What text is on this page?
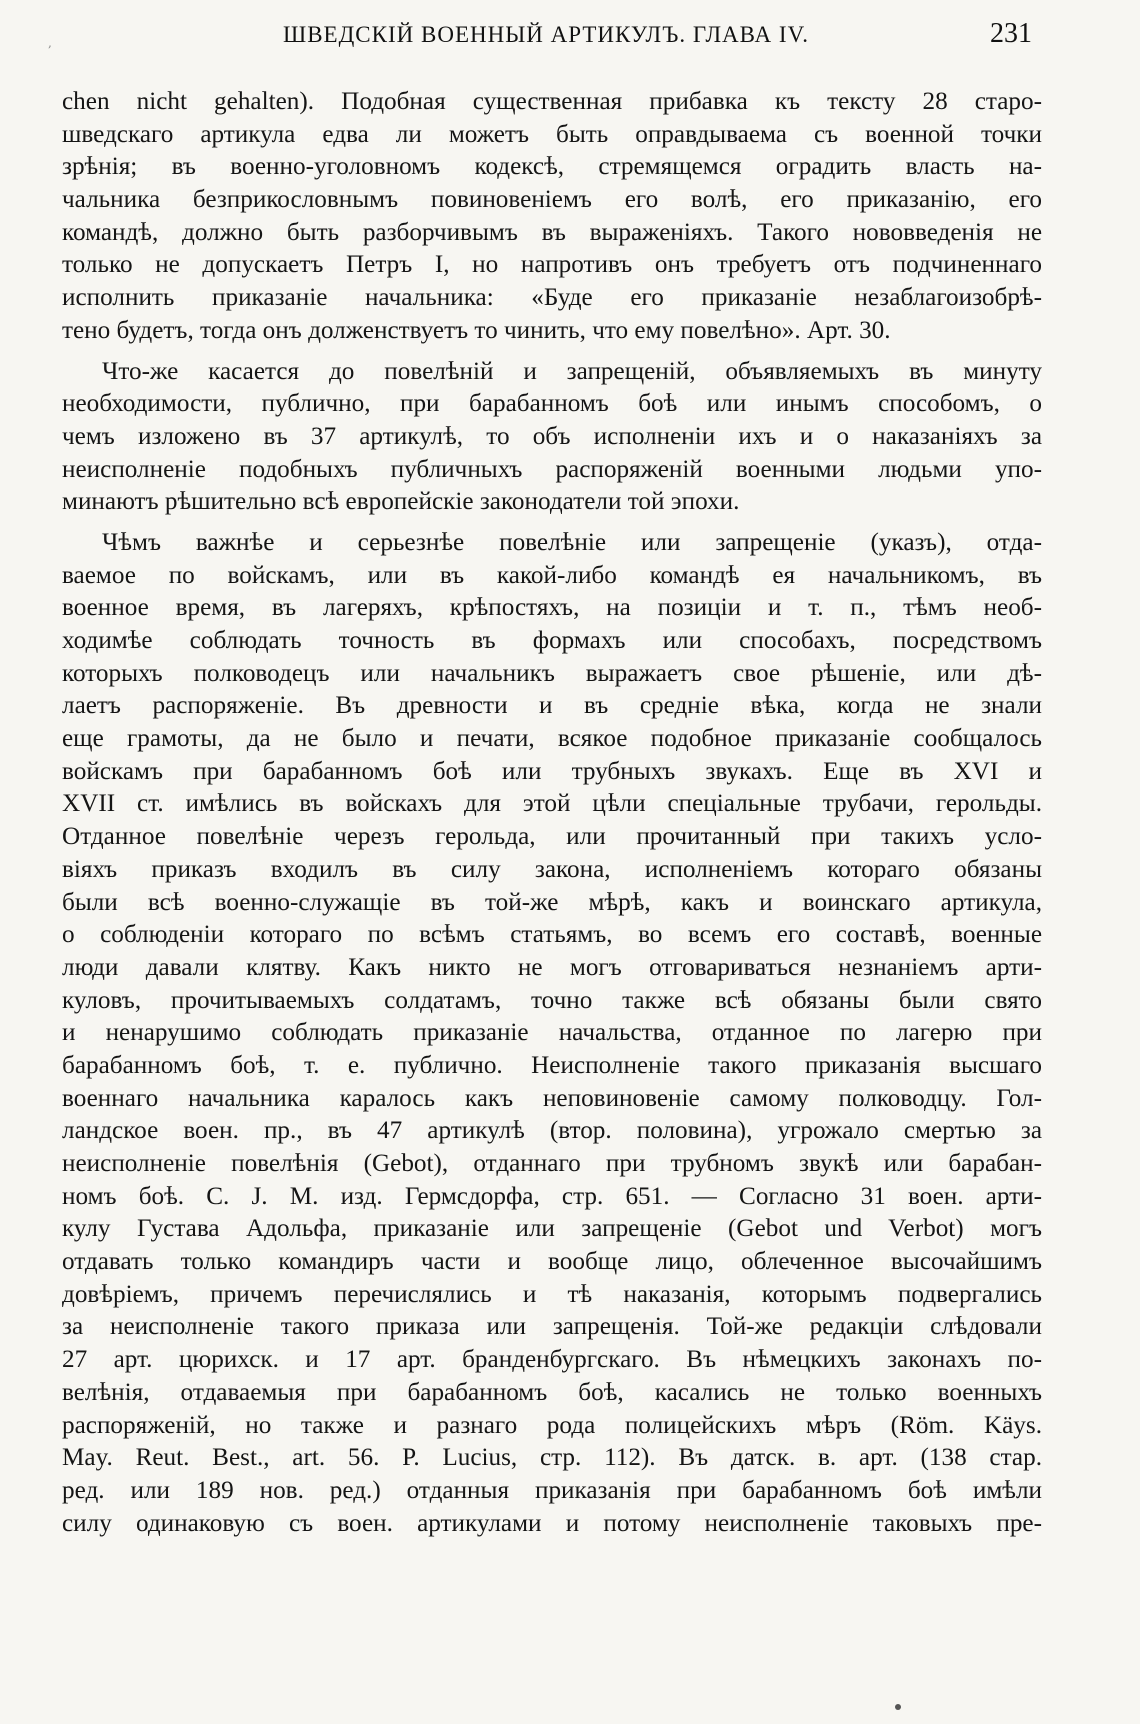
,	ШВЕДСКІЙ ВОЕННЫЙ АРТИКУЛЪ. ГЛАВА IV.	231
chen nicht gehalten). Подобная существенная прибавка къ тексту 28 старо-
шведскаго артикула едва ли можетъ быть оправдываема съ военной точки
зрѣнія; въ военно-уголовномъ кодексѣ, стремящемся оградить власть на-
чальника безприкословнымъ повиновеніемъ его волѣ, его приказанію, его
командѣ, должно быть разборчивымъ въ выраженіяхъ. Такого нововведенія не
только не допускаетъ Петръ I, но напротивъ онъ требуетъ отъ подчиненнаго
исполнить приказаніе начальника: «Буде его приказаніе незаблагоизобрѣ-
тено будетъ, тогда онъ долженствуетъ то чинить, что ему повелѣно». Арт. 30.
Что-же касается до повелѣній и запрещеній, объявляемыхъ въ минуту
необходимости, публично, при барабанномъ боѣ или инымъ способомъ, о
чемъ изложено въ 37 артикулѣ, то объ исполненіи ихъ и о наказаніяхъ за
неисполненіе подобныхъ публичныхъ распоряженій военными людьми упо-
минаютъ рѣшительно всѣ европейскіе законодатели той эпохи.
Чѣмъ важнѣе и серьезнѣе повелѣніе или запрещеніе (указъ), отда-
ваемое по войскамъ, или въ какой-либо командѣ ея начальникомъ, въ
военное время, въ лагеряхъ, крѣпостяхъ, на позиціи и т. п., тѣмъ необ-
ходимѣе соблюдать точность въ формахъ или способахъ, посредствомъ
которыхъ полководецъ или начальникъ выражаетъ свое рѣшеніе, или дѣ-
лаетъ распоряженіе. Въ древности и въ средніе вѣка, когда не знали
еще грамоты, да не было и печати, всякое подобное приказаніе сообщалось
войскамъ при барабанномъ боѣ или трубныхъ звукахъ. Еще въ XVI и
XVII ст. имѣлись въ войскахъ для этой цѣли спеціальные трубачи, герольды.
Отданное повелѣніе черезъ герольда, или прочитанный при такихъ усло-
віяхъ приказъ входилъ въ силу закона, исполненіемъ котораго обязаны
были всѣ военно-служащіе въ той-же мѣрѣ, какъ и воинскаго артикула,
о соблюденіи котораго по всѣмъ статьямъ, во всемъ его составѣ, военные
люди давали клятву. Какъ никто не могъ отговариваться незнаніемъ арти-
куловъ, прочитываемыхъ солдатамъ, точно также всѣ обязаны были свято
и ненарушимо соблюдать приказаніе начальства, отданное по лагерю при
барабанномъ боѣ, т. е. публично. Неисполненіе такого приказанія высшаго
военнаго начальника каралось какъ неповиновеніе самому полководцу. Гол-
ландское воен. пр., въ 47 артикулѣ (втор. половина), угрожало смертью за
неисполненіе повелѣнія (Gebot), отданнаго при трубномъ звукѣ или барабан-
номъ боѣ. С. J. M. изд. Гермсдорфа, стр. 651. — Согласно 31 воен. арти-
кулу Густава Адольфа, приказаніе или запрещеніе (Gebot und Verbot) могъ
отдавать только командиръ части и вообще лицо, облеченное высочайшимъ
довѣріемъ, причемъ перечислялись и тѣ наказанія, которымъ подвергались
за неисполненіе такого приказа или запрещенія. Той-же редакціи слѣдовали
27 арт. цюрихск. и 17 арт. бранденбургскаго. Въ нѣмецкихъ законахъ по-
велѣнія, отдаваемыя при барабанномъ боѣ, касались не только военныхъ
распоряженій, но также и разнаго рода полицейскихъ мѣръ (Röm. Käys.
May. Reut. Best., art. 56. P. Lucius, стр. 112). Въ датск. в. арт. (138 стар.
ред. или 189 нов. ред.) отданныя приказанія при барабанномъ боѣ имѣли
силу одинаковую съ воен. артикулами и потому неисполненіе таковыхъ пре-
